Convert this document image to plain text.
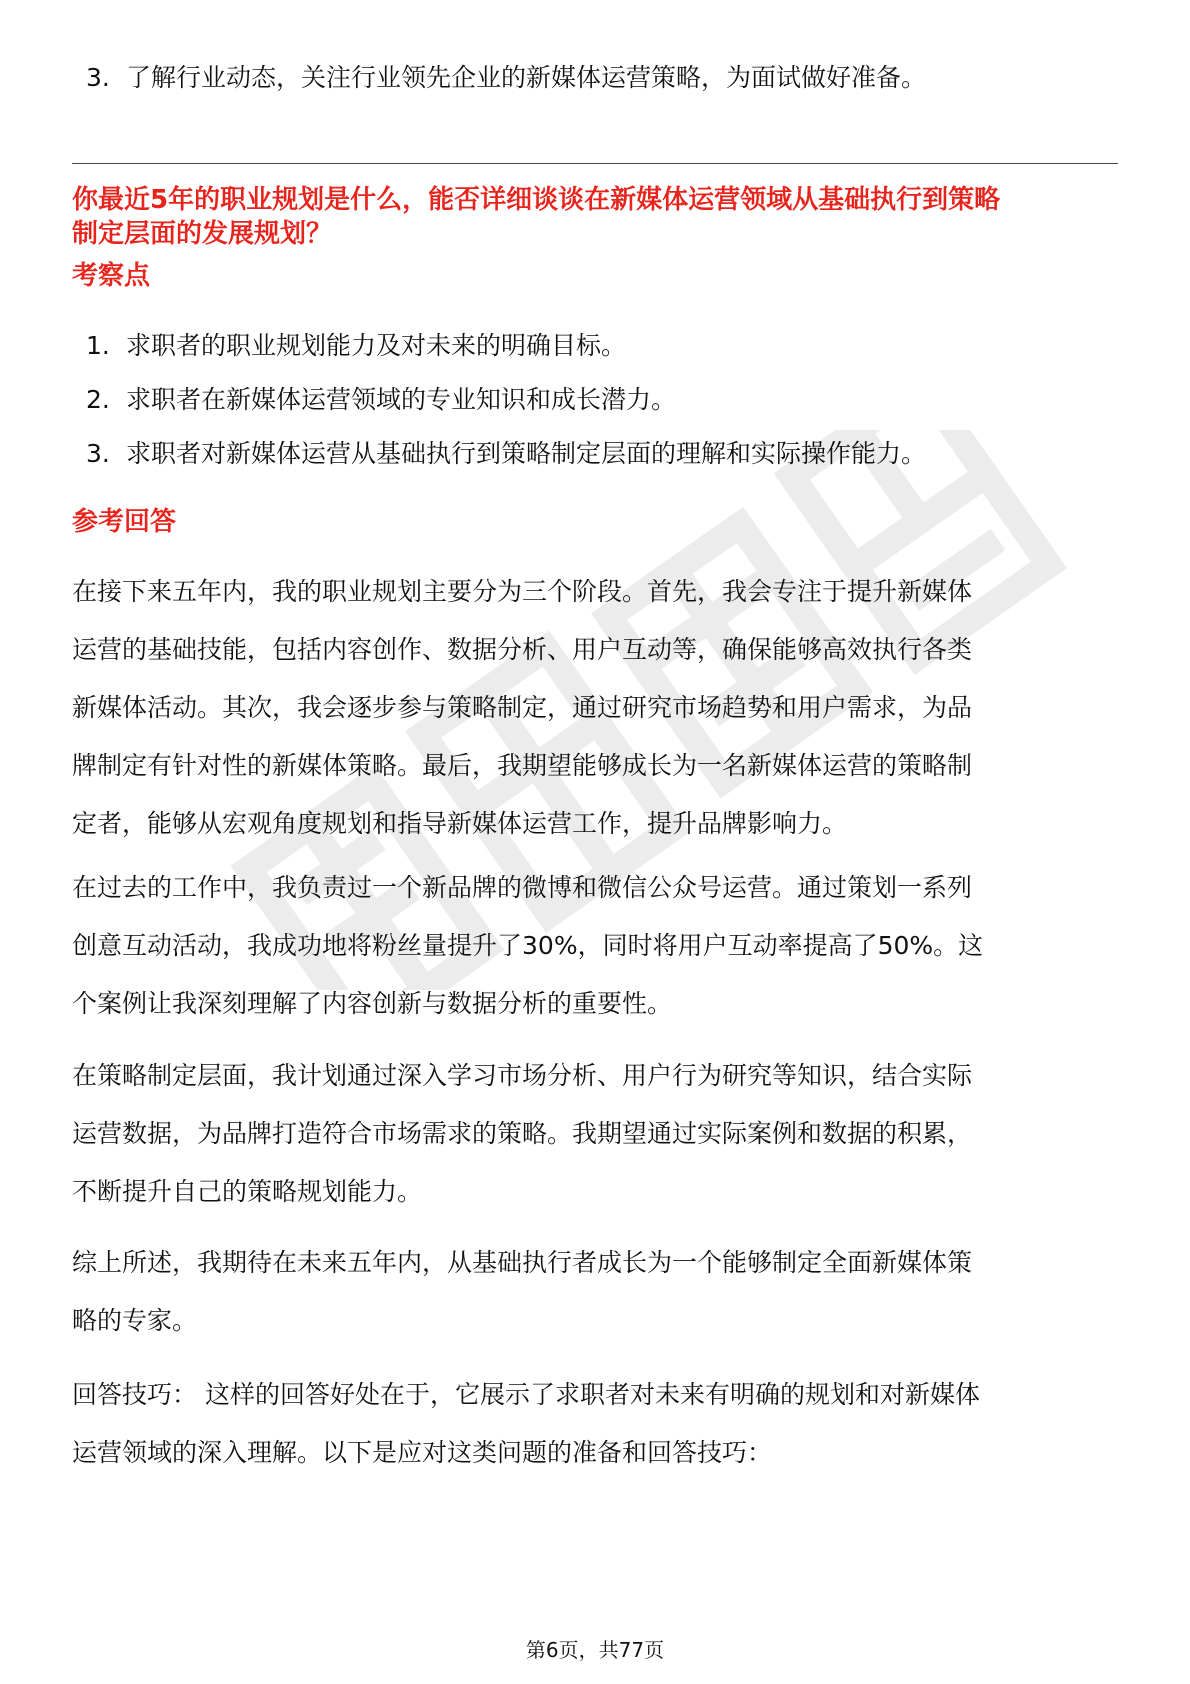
3. 了解行业动态，关注行业领先企业的新媒体运营策略，为面试做好准备。
你最近5年的职业规划是什么，能否详细谈谈在新媒体运营领域从基础执行到策略
制定层面的发展规划？
考察点
1. 求职者的职业规划能力及对未来的明确目标。
2. 求职者在新媒体运营领域的专业知识和成长潜力。
3. 求职者对新媒体运营从基础执行到策略制定层面的理解和实际操作能力。
参考回答
在接下来五年内，我的职业规划主要分为三个阶段。首先，我会专注于提升新媒体
运营的基础技能，包括内容创作、数据分析、用户互动等，确保能够高效执行各类
新媒体活动。其次，我会逐步参与策略制定，通过研究市场趋势和用户需求，为品
牌制定有针对性的新媒体策略。最后，我期望能够成长为一名新媒体运营的策略制
定者，能够从宏观角度规划和指导新媒体运营工作，提升品牌影响力。
在过去的工作中，我负责过一个新品牌的微博和微信公众号运营。通过策划一系列
创意互动活动，我成功地将粉丝量提升了30%，同时将用户互动率提高了50%。这
个案例让我深刻理解了内容创新与数据分析的重要性。
在策略制定层面，我计划通过深入学习市场分析、用户行为研究等知识，结合实际
运营数据，为品牌打造符合市场需求的策略。我期望通过实际案例和数据的积累，
不断提升自己的策略规划能力。
综上所述，我期待在未来五年内，从基础执行者成长为一个能够制定全面新媒体策
略的专家。
回答技巧： 这样的回答好处在于，它展示了求职者对未来有明确的规划和对新媒体
运营领域的深入理解。以下是应对这类问题的准备和回答技巧：
第6页，共77页
